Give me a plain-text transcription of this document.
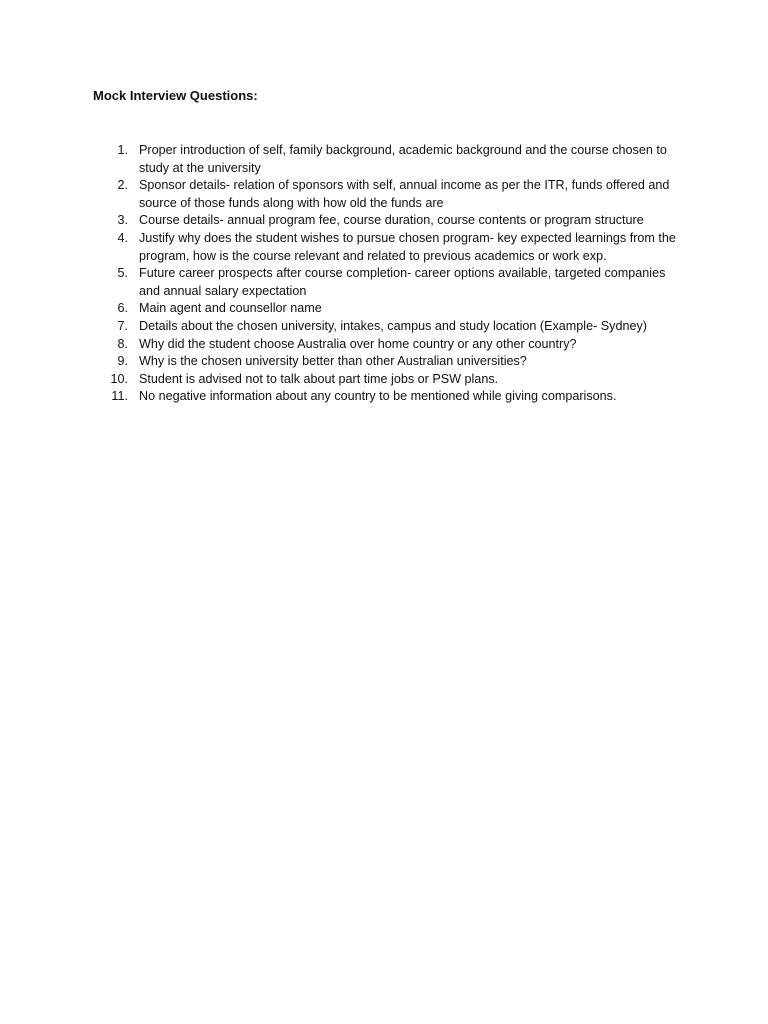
Mock Interview Questions:
1. Proper introduction of self, family background, academic background and the course chosen to study at the university
2. Sponsor details- relation of sponsors with self, annual income as per the ITR, funds offered and source of those funds along with how old the funds are
3. Course details- annual program fee, course duration, course contents or program structure
4. Justify why does the student wishes to pursue chosen program- key expected learnings from the program, how is the course relevant and related to previous academics or work exp.
5. Future career prospects after course completion- career options available, targeted companies and annual salary expectation
6. Main agent and counsellor name
7. Details about the chosen university, intakes, campus and study location (Example- Sydney)
8. Why did the student choose Australia over home country or any other country?
9. Why is the chosen university better than other Australian universities?
10. Student is advised not to talk about part time jobs or PSW plans.
11. No negative information about any country to be mentioned while giving comparisons.
